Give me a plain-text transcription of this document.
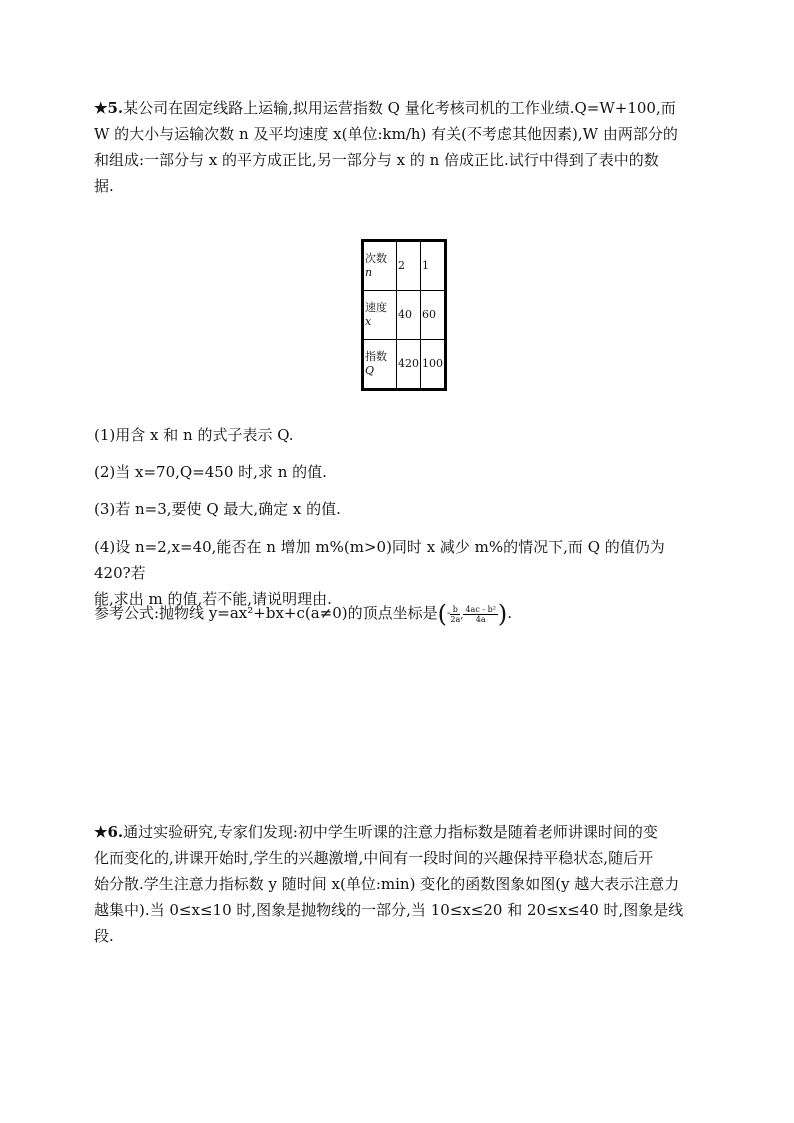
★5.某公司在固定线路上运输,拟用运营指数 Q 量化考核司机的工作业绩.Q=W+100,而
W 的大小与运输次数 n 及平均速度 x(单位:km/h) 有关(不考虑其他因素),W 由两部分的
和组成:一部分与 x 的平方成正比,另一部分与 x 的 n 倍成正比.试行中得到了表中的数
据.
次数
n	2	1
速度
x	40	60
指数
Q	420	100
(1)用含 x 和 n 的式子表示 Q.
(2)当 x=70,Q=450 时,求 n 的值.
(3)若 n=3,要使 Q 最大,确定 x 的值.
(4)设 n=2,x=40,能否在 n 增加 m%(m>0)同时 x 减少 m%的情况下,而 Q 的值仍为 420?若
能,求出 m 的值,若不能,请说明理由.
参考公式:抛物线 y=ax²+bx+c(a≠0)的顶点坐标是(- $\frac{b}{2a}$ , $\frac{\text{4ac - b²}}{4a}$ ).
★6.通过实验研究,专家们发现:初中学生听课的注意力指标数是随着老师讲课时间的变
化而变化的,讲课开始时,学生的兴趣激增,中间有一段时间的兴趣保持平稳状态,随后开
始分散.学生注意力指标数 y 随时间 x(单位:min) 变化的函数图象如图(y 越大表示注意力
越集中).当 0≤x≤10 时,图象是抛物线的一部分,当 10≤x≤20 和 20≤x≤40 时,图象是线
段.
